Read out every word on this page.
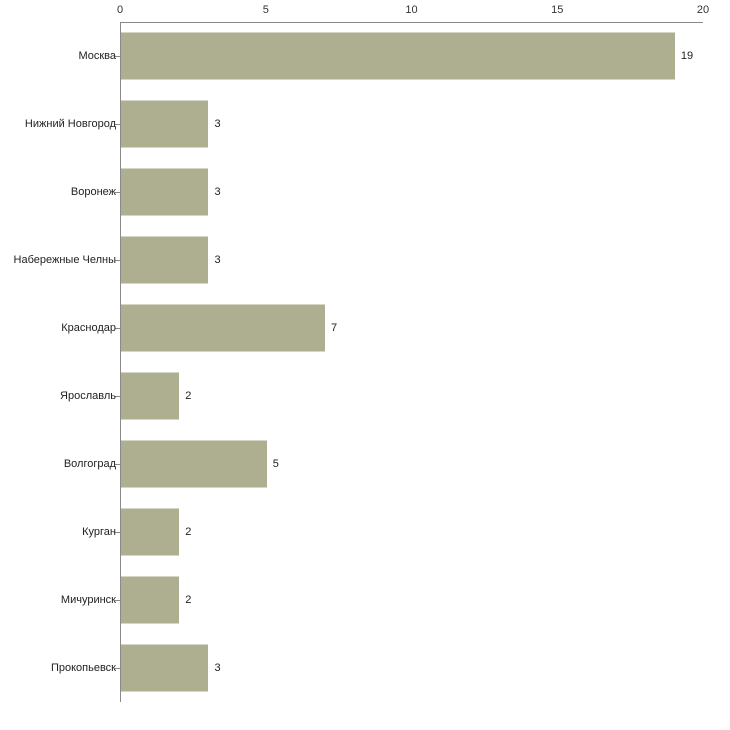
0	5	10	15	20
Москва	19
Нижний Новгород	3
Воронеж	3
Набережные Челны	3
Краснодар	7
Ярославль	2
Волгоград	5
Курган	2
Мичуринск	2
Прокопьевск	3
